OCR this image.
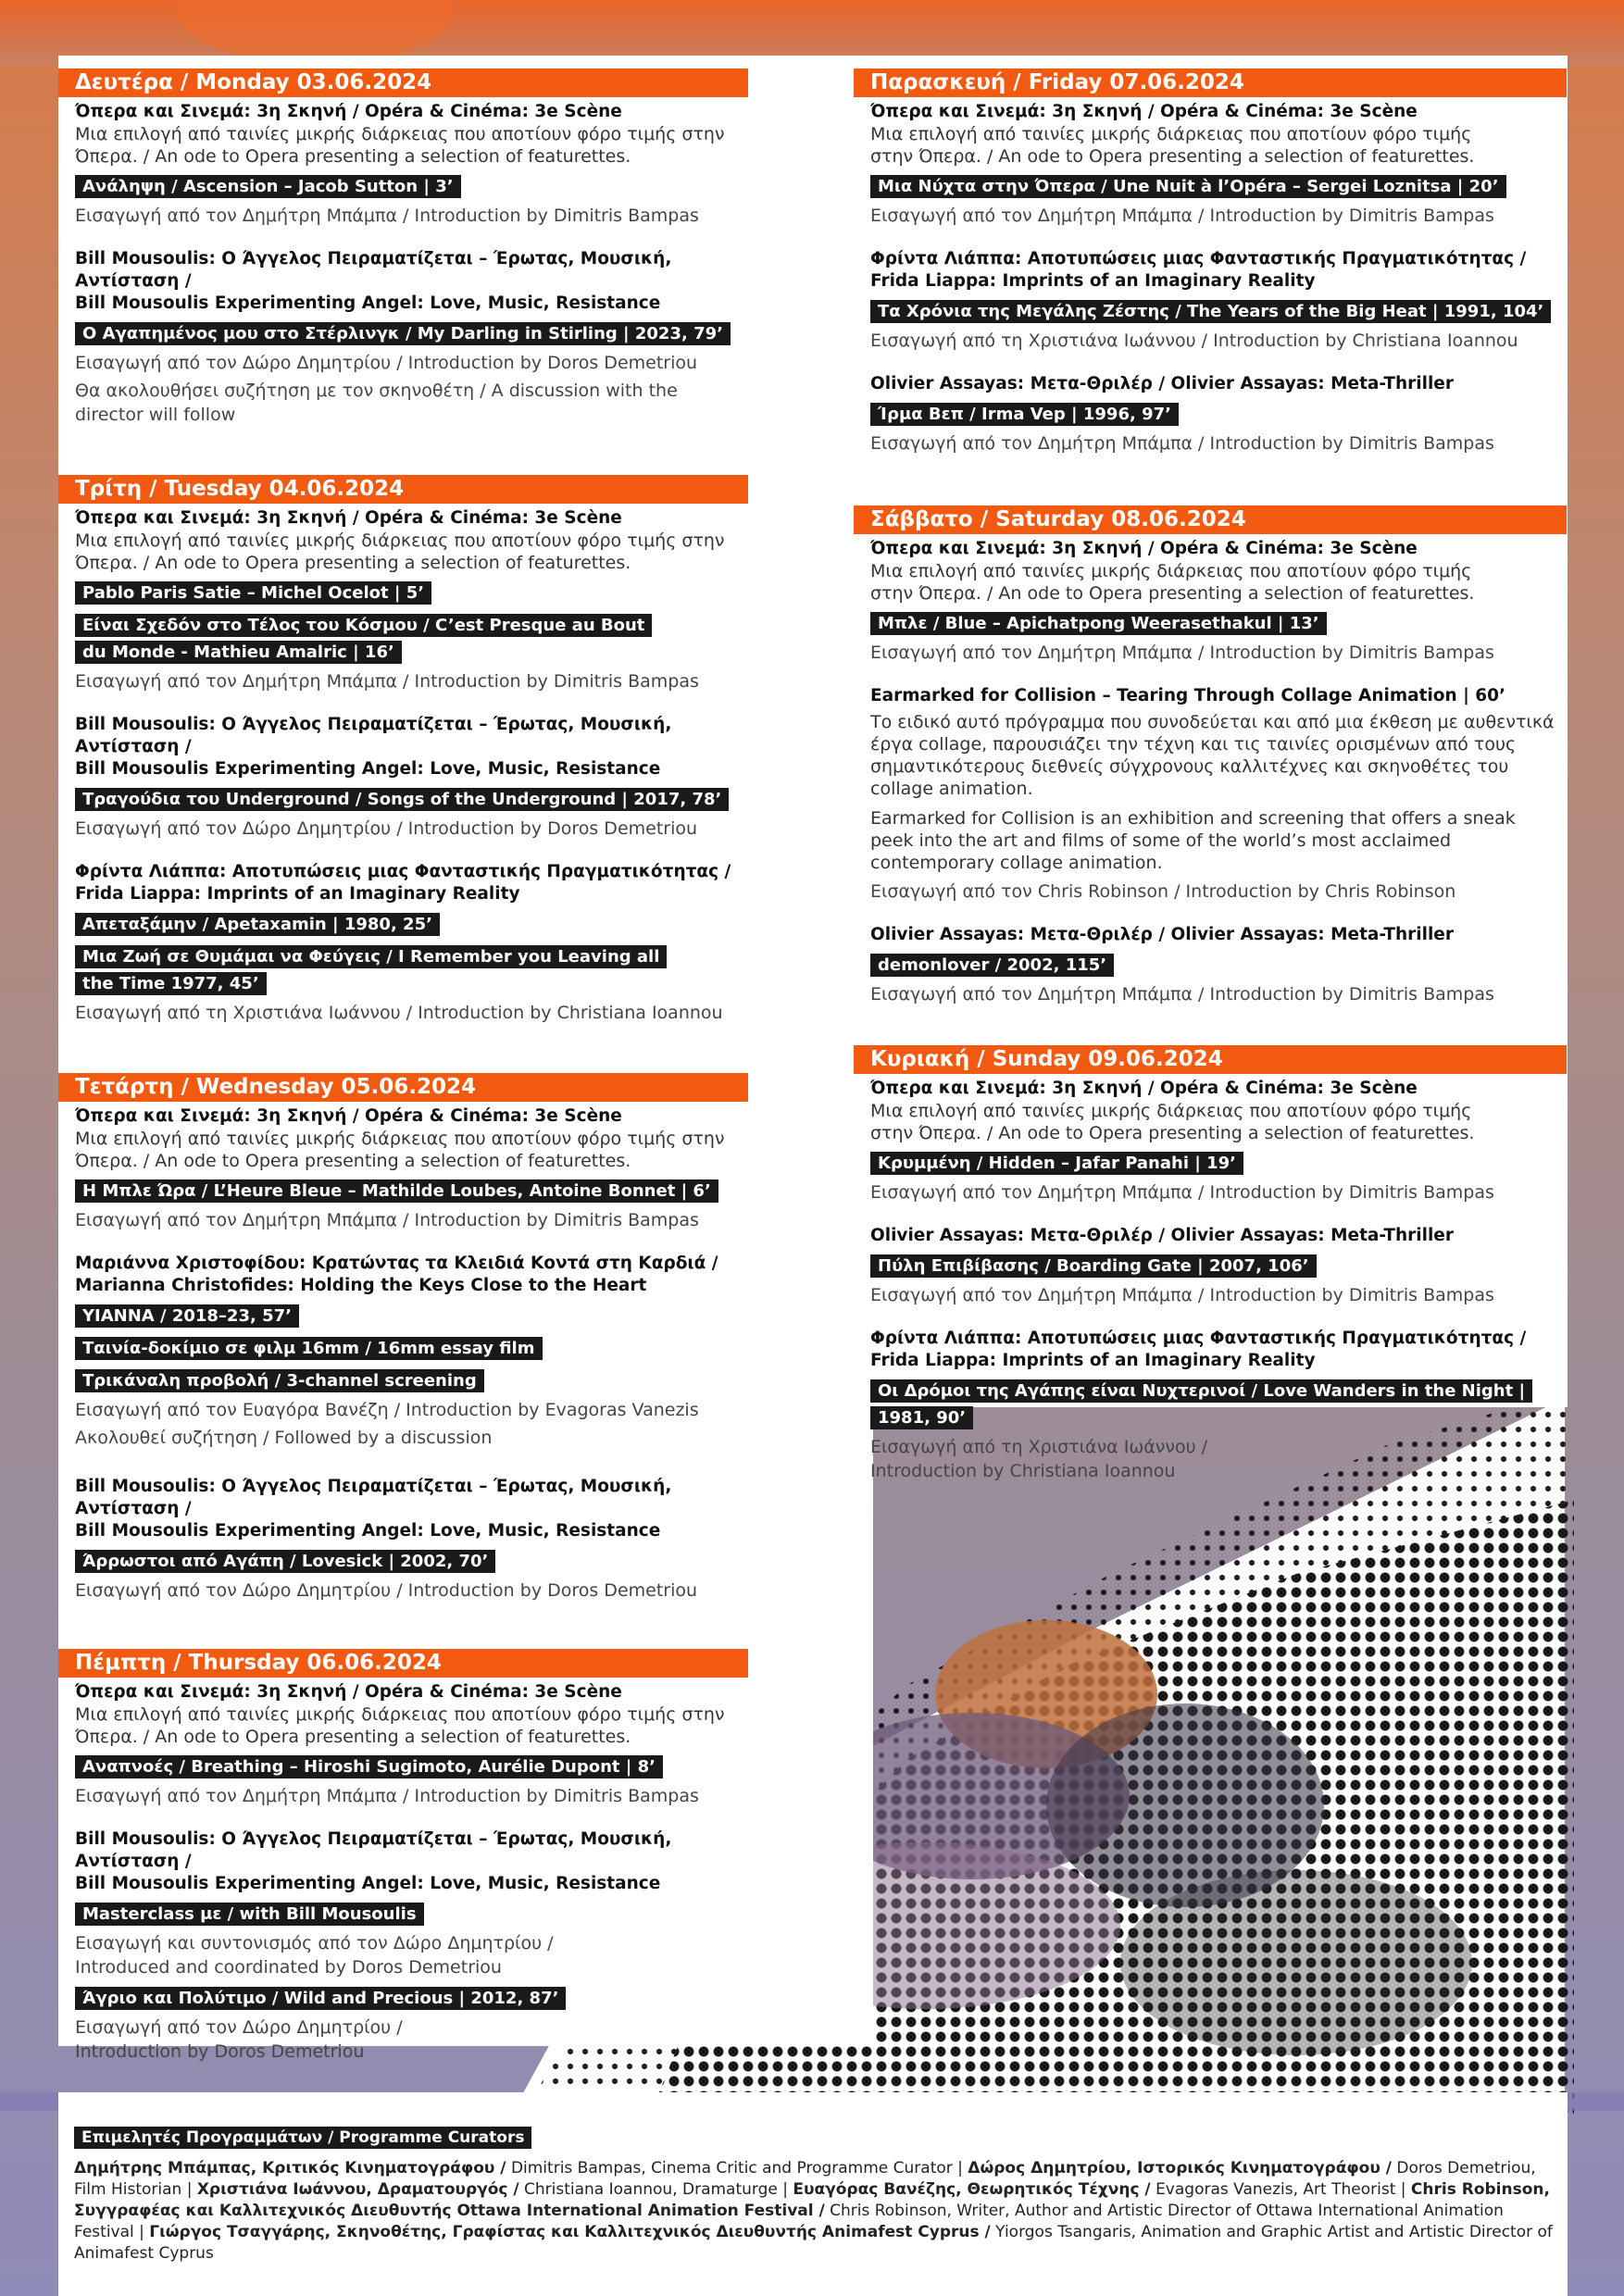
Δευτέρα / Monday 03.06.2024
Όπερα και Σινεμά: 3η Σκηνή / Opéra & Cinéma: 3e Scène
Μια επιλογή από ταινίες μικρής διάρκειας που αποτίουν φόρο τιμής στην Όπερα. / An ode to Opera presenting a selection of featurettes.
Ανάληψη / Ascension – Jacob Sutton | 3’
Εισαγωγή από τον Δημήτρη Μπάμπα / Introduction by Dimitris Bampas
Bill Mousoulis: Ο Άγγελος Πειραματίζεται – Έρωτας, Μουσική, Αντίσταση /
Bill Mousoulis Experimenting Angel: Love, Music, Resistance
Ο Αγαπημένος μου στο Στέρλινγκ / My Darling in Stirling | 2023, 79’
Εισαγωγή από τον Δώρο Δημητρίου / Introduction by Doros Demetriou
Θα ακολουθήσει συζήτηση με τον σκηνοθέτη / A discussion with the director will follow
Τρίτη / Tuesday 04.06.2024
Όπερα και Σινεμά: 3η Σκηνή / Opéra & Cinéma: 3e Scène
Μια επιλογή από ταινίες μικρής διάρκειας που αποτίουν φόρο τιμής στην Όπερα. / An ode to Opera presenting a selection of featurettes.
Pablo Paris Satie – Michel Ocelot | 5’
Είναι Σχεδόν στο Τέλος του Κόσμου / C’est Presque au Bout du Monde - Mathieu Amalric | 16’
Εισαγωγή από τον Δημήτρη Μπάμπα / Introduction by Dimitris Bampas
Bill Mousoulis: Ο Άγγελος Πειραματίζεται – Έρωτας, Μουσική, Αντίσταση /
Bill Mousoulis Experimenting Angel: Love, Music, Resistance
Τραγούδια του Underground / Songs of the Underground | 2017, 78’
Εισαγωγή από τον Δώρο Δημητρίου / Introduction by Doros Demetriou
Φρίντα Λιάππα: Αποτυπώσεις μιας Φανταστικής Πραγματικότητας /
Frida Liappa: Imprints of an Imaginary Reality
Απεταξάμην / Apetaxamin | 1980, 25’
Μια Ζωή σε Θυμάμαι να Φεύγεις / I Remember you Leaving all the Time 1977, 45’
Εισαγωγή από τη Χριστιάνα Ιωάννου / Introduction by Christiana Ioannou
Τετάρτη / Wednesday 05.06.2024
Όπερα και Σινεμά: 3η Σκηνή / Opéra & Cinéma: 3e Scène
Μια επιλογή από ταινίες μικρής διάρκειας που αποτίουν φόρο τιμής στην Όπερα. / An ode to Opera presenting a selection of featurettes.
Η Μπλε Ώρα / L’Heure Bleue – Mathilde Loubes, Antoine Bonnet | 6’
Εισαγωγή από τον Δημήτρη Μπάμπα / Introduction by Dimitris Bampas
Μαριάννα Χριστοφίδου: Κρατώντας τα Κλειδιά Κοντά στη Καρδιά /
Marianna Christofides: Holding the Keys Close to the Heart
ΥΙΑΝΝΑ / 2018–23, 57’
Ταινία-δοκίμιο σε φιλμ 16mm / 16mm essay film
Τρικάναλη προβολή / 3-channel screening
Εισαγωγή από τον Ευαγόρα Βανέζη / Introduction by Evagoras Vanezis
Ακολουθεί συζήτηση / Followed by a discussion
Bill Mousoulis: Ο Άγγελος Πειραματίζεται – Έρωτας, Μουσική, Αντίσταση /
Bill Mousoulis Experimenting Angel: Love, Music, Resistance
Άρρωστοι από Αγάπη / Lovesick | 2002, 70’
Εισαγωγή από τον Δώρο Δημητρίου / Introduction by Doros Demetriou
Πέμπτη / Thursday 06.06.2024
Όπερα και Σινεμά: 3η Σκηνή / Opéra & Cinéma: 3e Scène
Μια επιλογή από ταινίες μικρής διάρκειας που αποτίουν φόρο τιμής στην Όπερα. / An ode to Opera presenting a selection of featurettes.
Αναπνοές / Breathing – Hiroshi Sugimoto, Aurélie Dupont | 8’
Εισαγωγή από τον Δημήτρη Μπάμπα / Introduction by Dimitris Bampas
Bill Mousoulis: Ο Άγγελος Πειραματίζεται – Έρωτας, Μουσική, Αντίσταση /
Bill Mousoulis Experimenting Angel: Love, Music, Resistance
Masterclass με / with Bill Mousoulis
Εισαγωγή και συντονισμός από τον Δώρο Δημητρίου /
Introduced and coordinated by Doros Demetriou
Άγριο και Πολύτιμο / Wild and Precious | 2012, 87’
Εισαγωγή από τον Δώρο Δημητρίου /
Introduction by Doros Demetriou
Παρασκευή / Friday 07.06.2024
Όπερα και Σινεμά: 3η Σκηνή / Opéra & Cinéma: 3e Scène
Μια επιλογή από ταινίες μικρής διάρκειας που αποτίουν φόρο τιμής στην Όπερα. / An ode to Opera presenting a selection of featurettes.
Μια Νύχτα στην Όπερα / Une Nuit à l’Opéra – Sergei Loznitsa | 20’
Εισαγωγή από τον Δημήτρη Μπάμπα / Introduction by Dimitris Bampas
Φρίντα Λιάππα: Αποτυπώσεις μιας Φανταστικής Πραγματικότητας /
Frida Liappa: Imprints of an Imaginary Reality
Τα Χρόνια της Μεγάλης Ζέστης / The Years of the Big Heat | 1991, 104’
Εισαγωγή από τη Χριστιάνα Ιωάννου / Introduction by Christiana Ioannou
Olivier Assayas: Μετα-Θριλέρ / Olivier Assayas: Meta-Thriller
Ίρμα Βεπ / Irma Vep | 1996, 97’
Εισαγωγή από τον Δημήτρη Μπάμπα / Introduction by Dimitris Bampas
Σάββατο / Saturday 08.06.2024
Όπερα και Σινεμά: 3η Σκηνή / Opéra & Cinéma: 3e Scène
Μια επιλογή από ταινίες μικρής διάρκειας που αποτίουν φόρο τιμής στην Όπερα. / An ode to Opera presenting a selection of featurettes.
Μπλε / Blue – Apichatpong Weerasethakul | 13’
Εισαγωγή από τον Δημήτρη Μπάμπα / Introduction by Dimitris Bampas
Earmarked for Collision – Tearing Through Collage Animation | 60’
Το ειδικό αυτό πρόγραμμα που συνοδεύεται και από μια έκθεση με αυθεντικά έργα collage, παρουσιάζει την τέχνη και τις ταινίες ορισμένων από τους σημαντικότερους διεθνείς σύγχρονους καλλιτέχνες και σκηνοθέτες του collage animation.
Earmarked for Collision is an exhibition and screening that offers a sneak peek into the art and films of some of the world’s most acclaimed contemporary collage animation.
Εισαγωγή από τον Chris Robinson / Introduction by Chris Robinson
Olivier Assayas: Μετα-Θριλέρ / Olivier Assayas: Meta-Thriller
demonlover / 2002, 115’
Εισαγωγή από τον Δημήτρη Μπάμπα / Introduction by Dimitris Bampas
Κυριακή / Sunday 09.06.2024
Όπερα και Σινεμά: 3η Σκηνή / Opéra & Cinéma: 3e Scène
Μια επιλογή από ταινίες μικρής διάρκειας που αποτίουν φόρο τιμής στην Όπερα. / An ode to Opera presenting a selection of featurettes.
Κρυμμένη / Hidden – Jafar Panahi | 19’
Εισαγωγή από τον Δημήτρη Μπάμπα / Introduction by Dimitris Bampas
Olivier Assayas: Μετα-Θριλέρ / Olivier Assayas: Meta-Thriller
Πύλη Επιβίβασης / Boarding Gate | 2007, 106’
Εισαγωγή από τον Δημήτρη Μπάμπα / Introduction by Dimitris Bampas
Φρίντα Λιάππα: Αποτυπώσεις μιας Φανταστικής Πραγματικότητας /
Frida Liappa: Imprints of an Imaginary Reality
Οι Δρόμοι της Αγάπης είναι Νυχτερινοί / Love Wanders in the Night | 1981, 90’
Εισαγωγή από τη Χριστιάνα Ιωάννου /
Introduction by Christiana Ioannou
Επιμελητές Προγραμμάτων / Programme Curators
Δημήτρης Μπάμπας, Κριτικός Κινηματογράφου / Dimitris Bampas, Cinema Critic and Programme Curator | Δώρος Δημητρίου, Ιστορικός Κινηματογράφου / Doros Demetriou, Film Historian | Χριστιάνα Ιωάννου, Δραματουργός / Christiana Ioannou, Dramaturge | Ευαγόρας Βανέζης, Θεωρητικός Τέχνης / Evagoras Vanezis, Art Theorist | Chris Robinson, Συγγραφέας και Καλλιτεχνικός Διευθυντής Ottawa International Animation Festival / Chris Robinson, Writer, Author and Artistic Director of Ottawa International Animation Festival | Γιώργος Τσαγγάρης, Σκηνοθέτης, Γραφίστας και Καλλιτεχνικός Διευθυντής Animafest Cyprus / Yiorgos Tsangaris, Animation and Graphic Artist and Artistic Director of Animafest Cyprus
